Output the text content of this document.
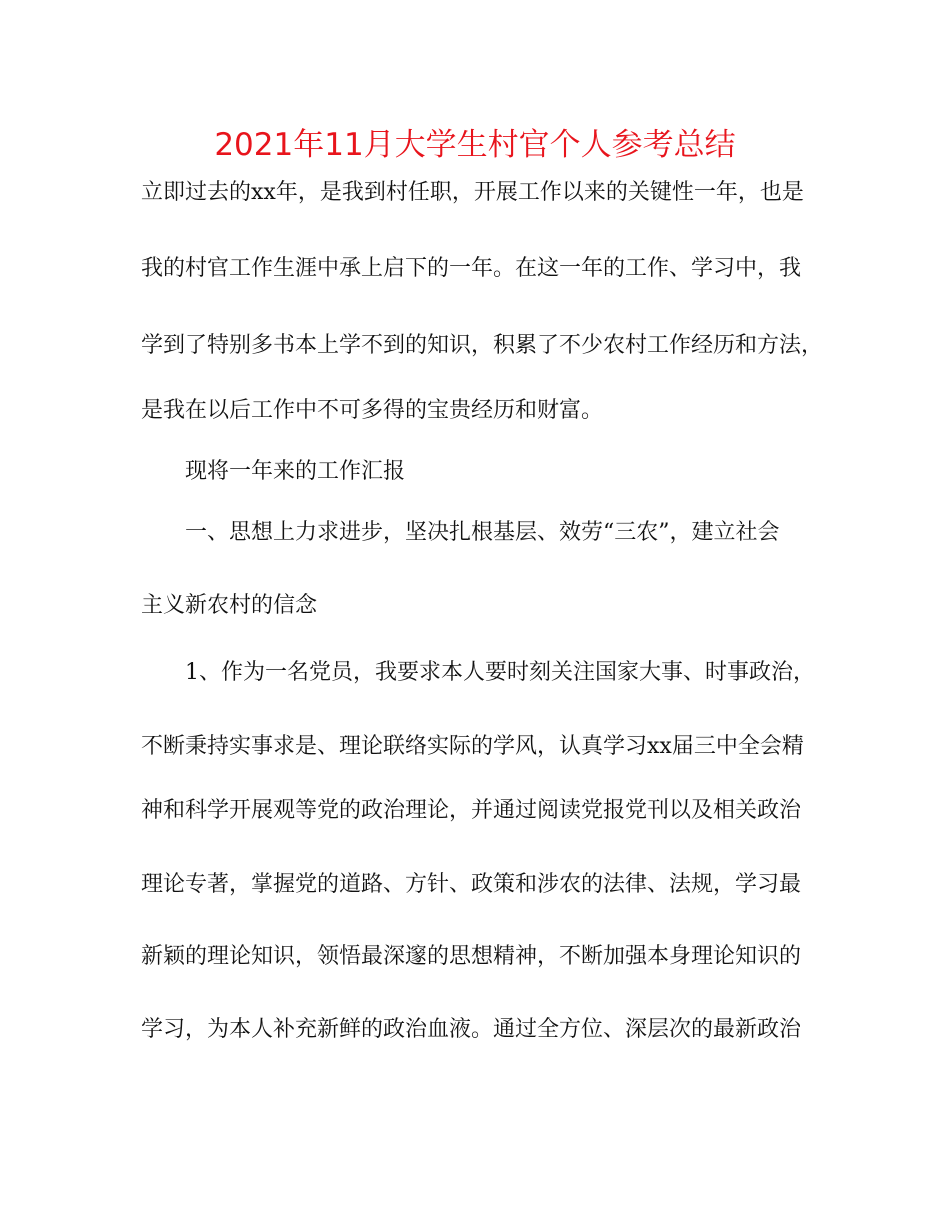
2021年11月大学生村官个人参考总结
立即过去的xx年，是我到村任职，开展工作以来的关键性一年，也是
我的村官工作生涯中承上启下的一年。在这一年的工作、学习中，我
学到了特别多书本上学不到的知识，积累了不少农村工作经历和方法，
是我在以后工作中不可多得的宝贵经历和财富。
现将一年来的工作汇报
一、思想上力求进步，坚决扎根基层、效劳“三农”，建立社会
主义新农村的信念
1、作为一名党员，我要求本人要时刻关注国家大事、时事政治，
不断秉持实事求是、理论联络实际的学风，认真学习xx届三中全会精
神和科学开展观等党的政治理论，并通过阅读党报党刊以及相关政治
理论专著，掌握党的道路、方针、政策和涉农的法律、法规，学习最
新颖的理论知识，领悟最深邃的思想精神，不断加强本身理论知识的
学习，为本人补充新鲜的政治血液。通过全方位、深层次的最新政治
